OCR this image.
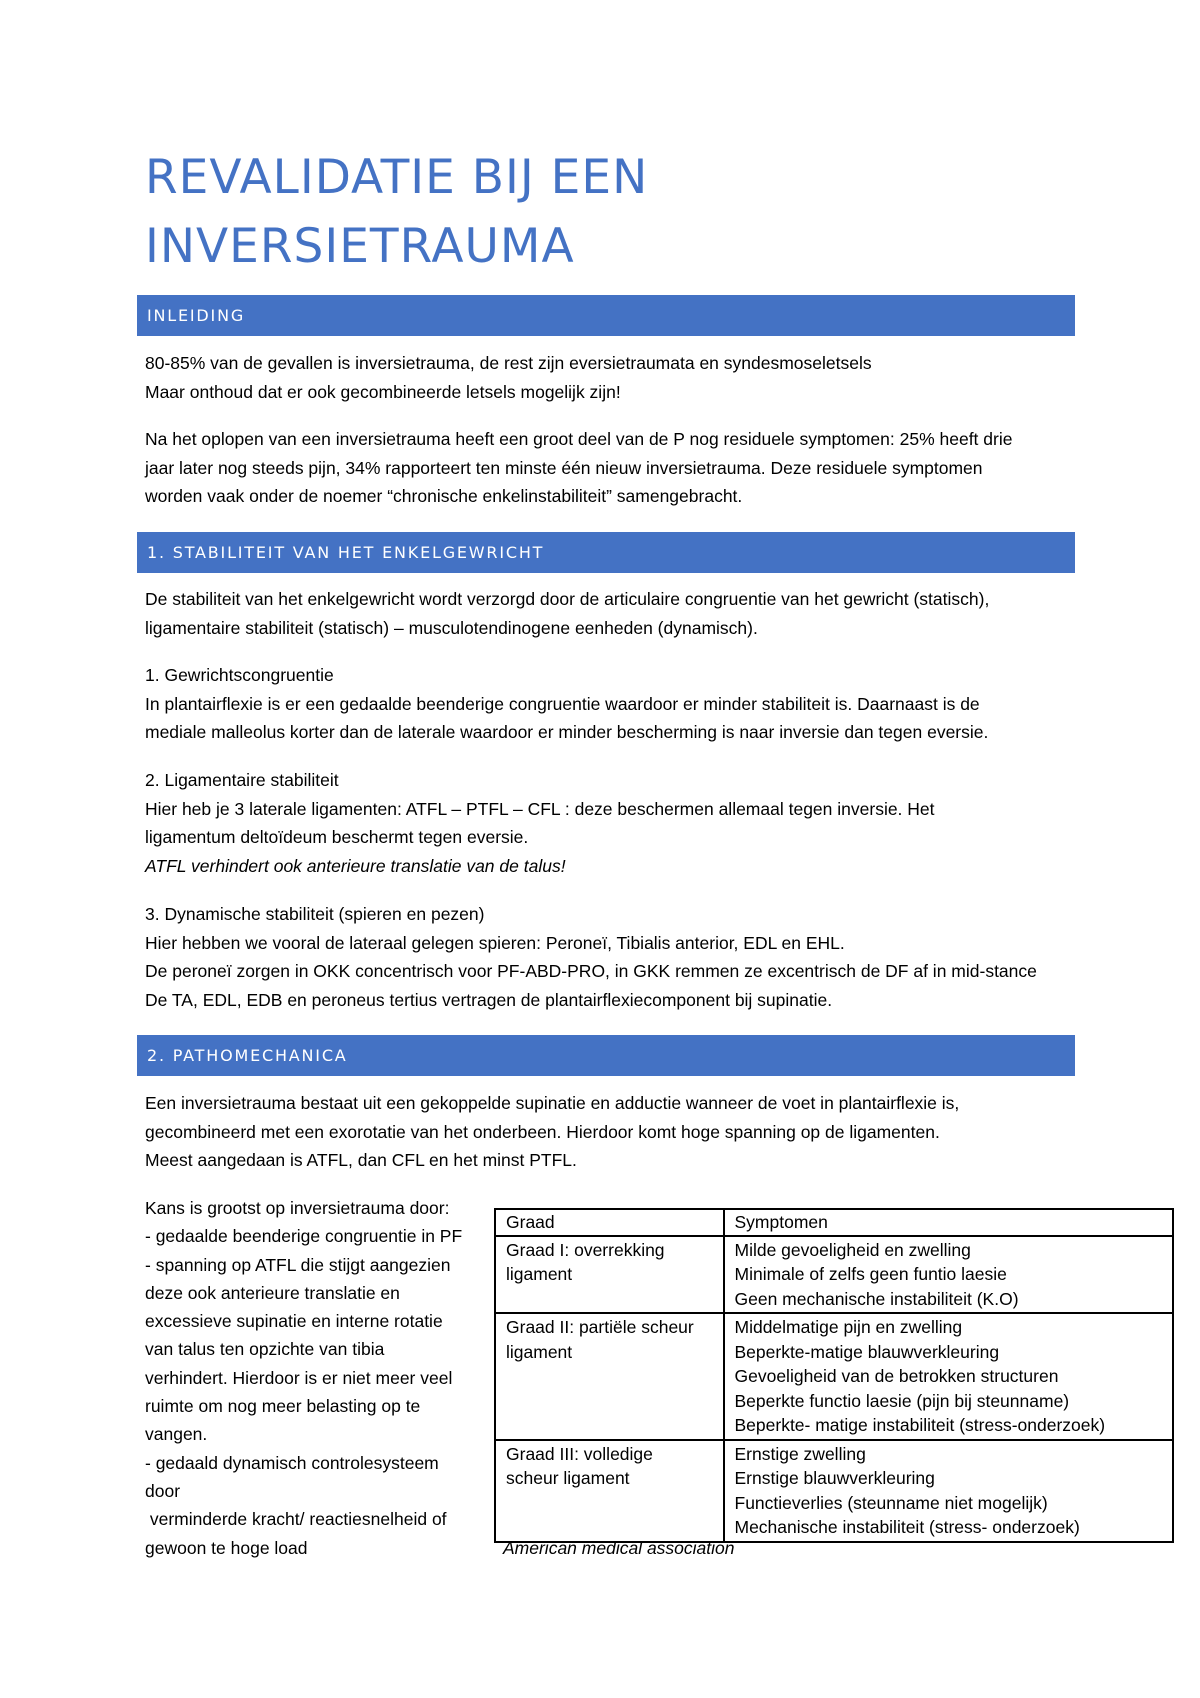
REVALIDATIE BIJ EEN
INVERSIETRAUMA
INLEIDING

80-85% van de gevallen is inversietrauma, de rest zijn eversietraumata en syndesmoseletsels

Maar onthoud dat er ook gecombineerde letsels mogelijk zijn!

Na het oplopen van een inversietrauma heeft een groot deel van de P nog residuele symptomen: 25% heeft drie

jaar later nog steeds pijn, 34% rapporteert ten minste één nieuw inversietrauma. Deze residuele symptomen

worden vaak onder de noemer “chronische enkelinstabiliteit” samengebracht.

1. STABILITEIT VAN HET ENKELGEWRICHT

De stabiliteit van het enkelgewricht wordt verzorgd door de articulaire congruentie van het gewricht (statisch),

ligamentaire stabiliteit (statisch) – musculotendinogene eenheden (dynamisch).

1. Gewrichtscongruentie

In plantairflexie is er een gedaalde beenderige congruentie waardoor er minder stabiliteit is. Daarnaast is de

mediale malleolus korter dan de laterale waardoor er minder bescherming is naar inversie dan tegen eversie.

2. Ligamentaire stabiliteit

Hier heb je 3 laterale ligamenten: ATFL – PTFL – CFL : deze beschermen allemaal tegen inversie. Het

ligamentum deltoïdeum beschermt tegen eversie.

ATFL verhindert ook anterieure translatie van de talus!

3. Dynamische stabiliteit (spieren en pezen)

Hier hebben we vooral de lateraal gelegen spieren: Peroneï, Tibialis anterior, EDL en EHL.

De peroneï zorgen in OKK concentrisch voor PF-ABD-PRO, in GKK remmen ze excentrisch de DF af in mid-stance

De TA, EDL, EDB en peroneus tertius vertragen de plantairflexiecomponent bij supinatie.

2. PATHOMECHANICA

Een inversietrauma bestaat uit een gekoppelde supinatie en adductie wanneer de voet in plantairflexie is,

gecombineerd met een exorotatie van het onderbeen. Hierdoor komt hoge spanning op de ligamenten.

Meest aangedaan is ATFL, dan CFL en het minst PTFL.

Kans is grootst op inversietrauma door:

- gedaalde beenderige congruentie in PF

- spanning op ATFL die stijgt aangezien

deze ook anterieure translatie en

excessieve supinatie en interne rotatie

van talus ten opzichte van tibia

verhindert. Hierdoor is er niet meer veel

ruimte om nog meer belasting op te

vangen.

- gedaald dynamisch controlesysteem

door

verminderde kracht/ reactiesnelheid of

gewoon te hoge load

Graad	Symptomen

Graad I: overrekking
ligament	Milde gevoeligheid en zwelling
Minimale of zelfs geen funtio laesie
Geen mechanische instabiliteit (K.O)

Graad II: partiële scheur
ligament	Middelmatige pijn en zwelling
Beperkte-matige blauwverkleuring
Gevoeligheid van de betrokken structuren
Beperkte functio laesie (pijn bij steunname)
Beperkte- matige instabiliteit (stress-onderzoek)

Graad III: volledige
scheur ligament	Ernstige zwelling
Ernstige blauwverkleuring
Functieverlies (steunname niet mogelijk)
Mechanische instabiliteit (stress- onderzoek)

American medical association
